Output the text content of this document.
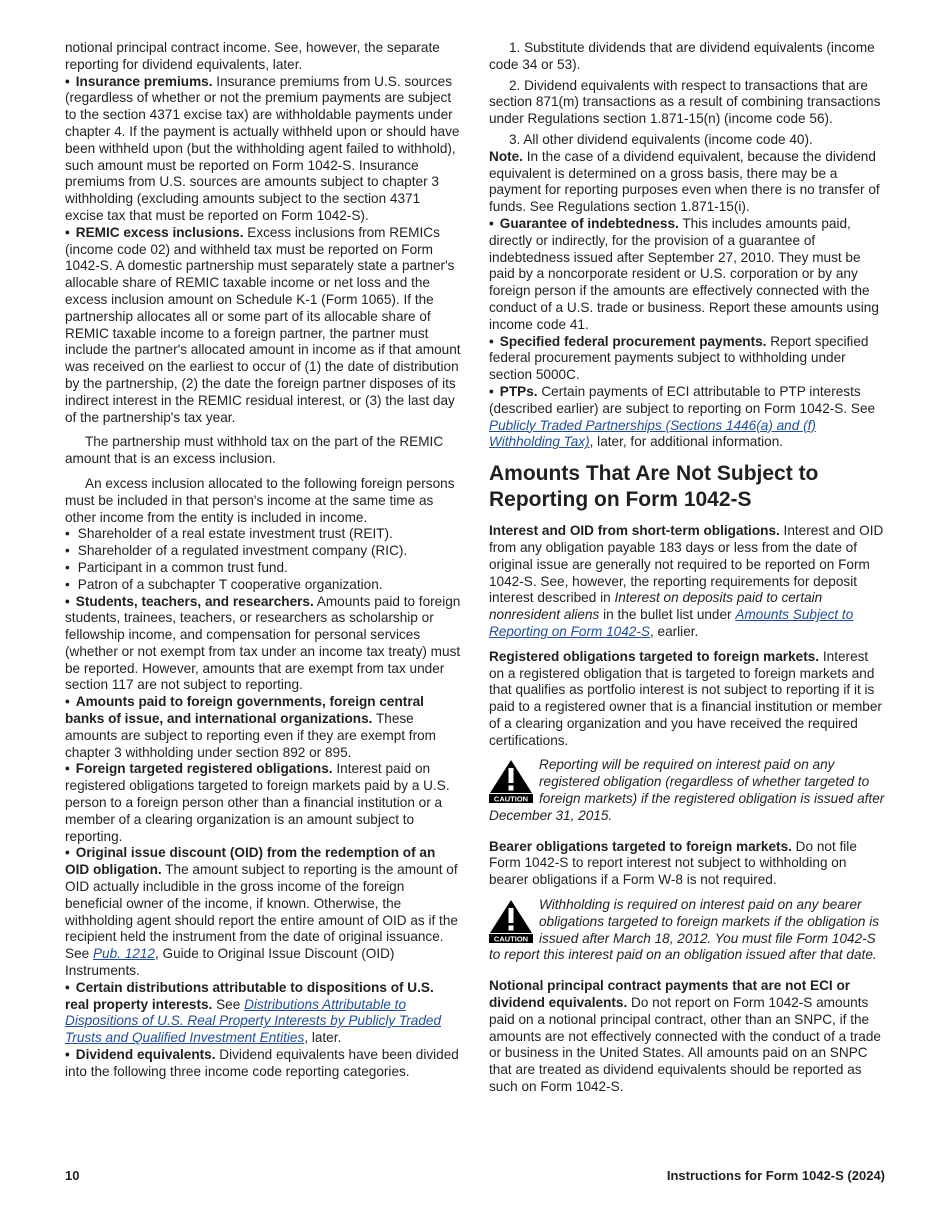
notional principal contract income. See, however, the separate reporting for dividend equivalents, later.

• Insurance premiums. Insurance premiums from U.S. sources (regardless of whether or not the premium payments are subject to the section 4371 excise tax) are withholdable payments under chapter 4. If the payment is actually withheld upon or should have been withheld upon (but the withholding agent failed to withhold), such amount must be reported on Form 1042-S. Insurance premiums from U.S. sources are amounts subject to chapter 3 withholding (excluding amounts subject to the section 4371 excise tax that must be reported on Form 1042-S).

• REMIC excess inclusions. Excess inclusions from REMICs (income code 02) and withheld tax must be reported on Form 1042-S. A domestic partnership must separately state a partner's allocable share of REMIC taxable income or net loss and the excess inclusion amount on Schedule K-1 (Form 1065). If the partnership allocates all or some part of its allocable share of REMIC taxable income to a foreign partner, the partner must include the partner's allocated amount in income as if that amount was received on the earliest to occur of (1) the date of distribution by the partnership, (2) the date the foreign partner disposes of its indirect interest in the REMIC residual interest, or (3) the last day of the partnership's tax year.

The partnership must withhold tax on the part of the REMIC amount that is an excess inclusion.

An excess inclusion allocated to the following foreign persons must be included in that person's income at the same time as other income from the entity is included in income.

• Shareholder of a real estate investment trust (REIT).

• Shareholder of a regulated investment company (RIC).

• Participant in a common trust fund.

• Patron of a subchapter T cooperative organization.

• Students, teachers, and researchers. Amounts paid to foreign students, trainees, teachers, or researchers as scholarship or fellowship income, and compensation for personal services (whether or not exempt from tax under an income tax treaty) must be reported. However, amounts that are exempt from tax under section 117 are not subject to reporting.

• Amounts paid to foreign governments, foreign central banks of issue, and international organizations. These amounts are subject to reporting even if they are exempt from chapter 3 withholding under section 892 or 895.

• Foreign targeted registered obligations. Interest paid on registered obligations targeted to foreign markets paid by a U.S. person to a foreign person other than a financial institution or a member of a clearing organization is an amount subject to reporting.

• Original issue discount (OID) from the redemption of an OID obligation. The amount subject to reporting is the amount of OID actually includible in the gross income of the foreign beneficial owner of the income, if known. Otherwise, the withholding agent should report the entire amount of OID as if the recipient held the instrument from the date of original issuance. See Pub. 1212, Guide to Original Issue Discount (OID) Instruments.

• Certain distributions attributable to dispositions of U.S. real property interests. See Distributions Attributable to Dispositions of U.S. Real Property Interests by Publicly Traded Trusts and Qualified Investment Entities, later.

• Dividend equivalents. Dividend equivalents have been divided into the following three income code reporting categories.

1. Substitute dividends that are dividend equivalents (income code 34 or 53).

2. Dividend equivalents with respect to transactions that are section 871(m) transactions as a result of combining transactions under Regulations section 1.871-15(n) (income code 56).

3. All other dividend equivalents (income code 40).

Note. In the case of a dividend equivalent, because the dividend equivalent is determined on a gross basis, there may be a payment for reporting purposes even when there is no transfer of funds. See Regulations section 1.871-15(i).

• Guarantee of indebtedness. This includes amounts paid, directly or indirectly, for the provision of a guarantee of indebtedness issued after September 27, 2010. They must be paid by a noncorporate resident or U.S. corporation or by any foreign person if the amounts are effectively connected with the conduct of a U.S. trade or business. Report these amounts using income code 41.

• Specified federal procurement payments. Report specified federal procurement payments subject to withholding under section 5000C.

• PTPs. Certain payments of ECI attributable to PTP interests (described earlier) are subject to reporting on Form 1042-S. See Publicly Traded Partnerships (Sections 1446(a) and (f) Withholding Tax), later, for additional information.

Amounts That Are Not Subject to Reporting on Form 1042-S

Interest and OID from short-term obligations. Interest and OID from any obligation payable 183 days or less from the date of original issue are generally not required to be reported on Form 1042-S. See, however, the reporting requirements for deposit interest described in Interest on deposits paid to certain nonresident aliens in the bullet list under Amounts Subject to Reporting on Form 1042-S, earlier.

Registered obligations targeted to foreign markets. Interest on a registered obligation that is targeted to foreign markets and that qualifies as portfolio interest is not subject to reporting if it is paid to a registered owner that is a financial institution or member of a clearing organization and you have received the required certifications.

CAUTION
Reporting will be required on interest paid on any registered obligation (regardless of whether targeted to foreign markets) if the registered obligation is issued after December 31, 2015.

Bearer obligations targeted to foreign markets. Do not file Form 1042-S to report interest not subject to withholding on bearer obligations if a Form W-8 is not required.

CAUTION
Withholding is required on interest paid on any bearer obligations targeted to foreign markets if the obligation is issued after March 18, 2012. You must file Form 1042-S to report this interest paid on an obligation issued after that date.

Notional principal contract payments that are not ECI or dividend equivalents. Do not report on Form 1042-S amounts paid on a notional principal contract, other than an SNPC, if the amounts are not effectively connected with the conduct of a trade or business in the United States. All amounts paid on an SNPC that are treated as dividend equivalents should be reported as such on Form 1042-S.

10	Instructions for Form 1042-S (2024)
